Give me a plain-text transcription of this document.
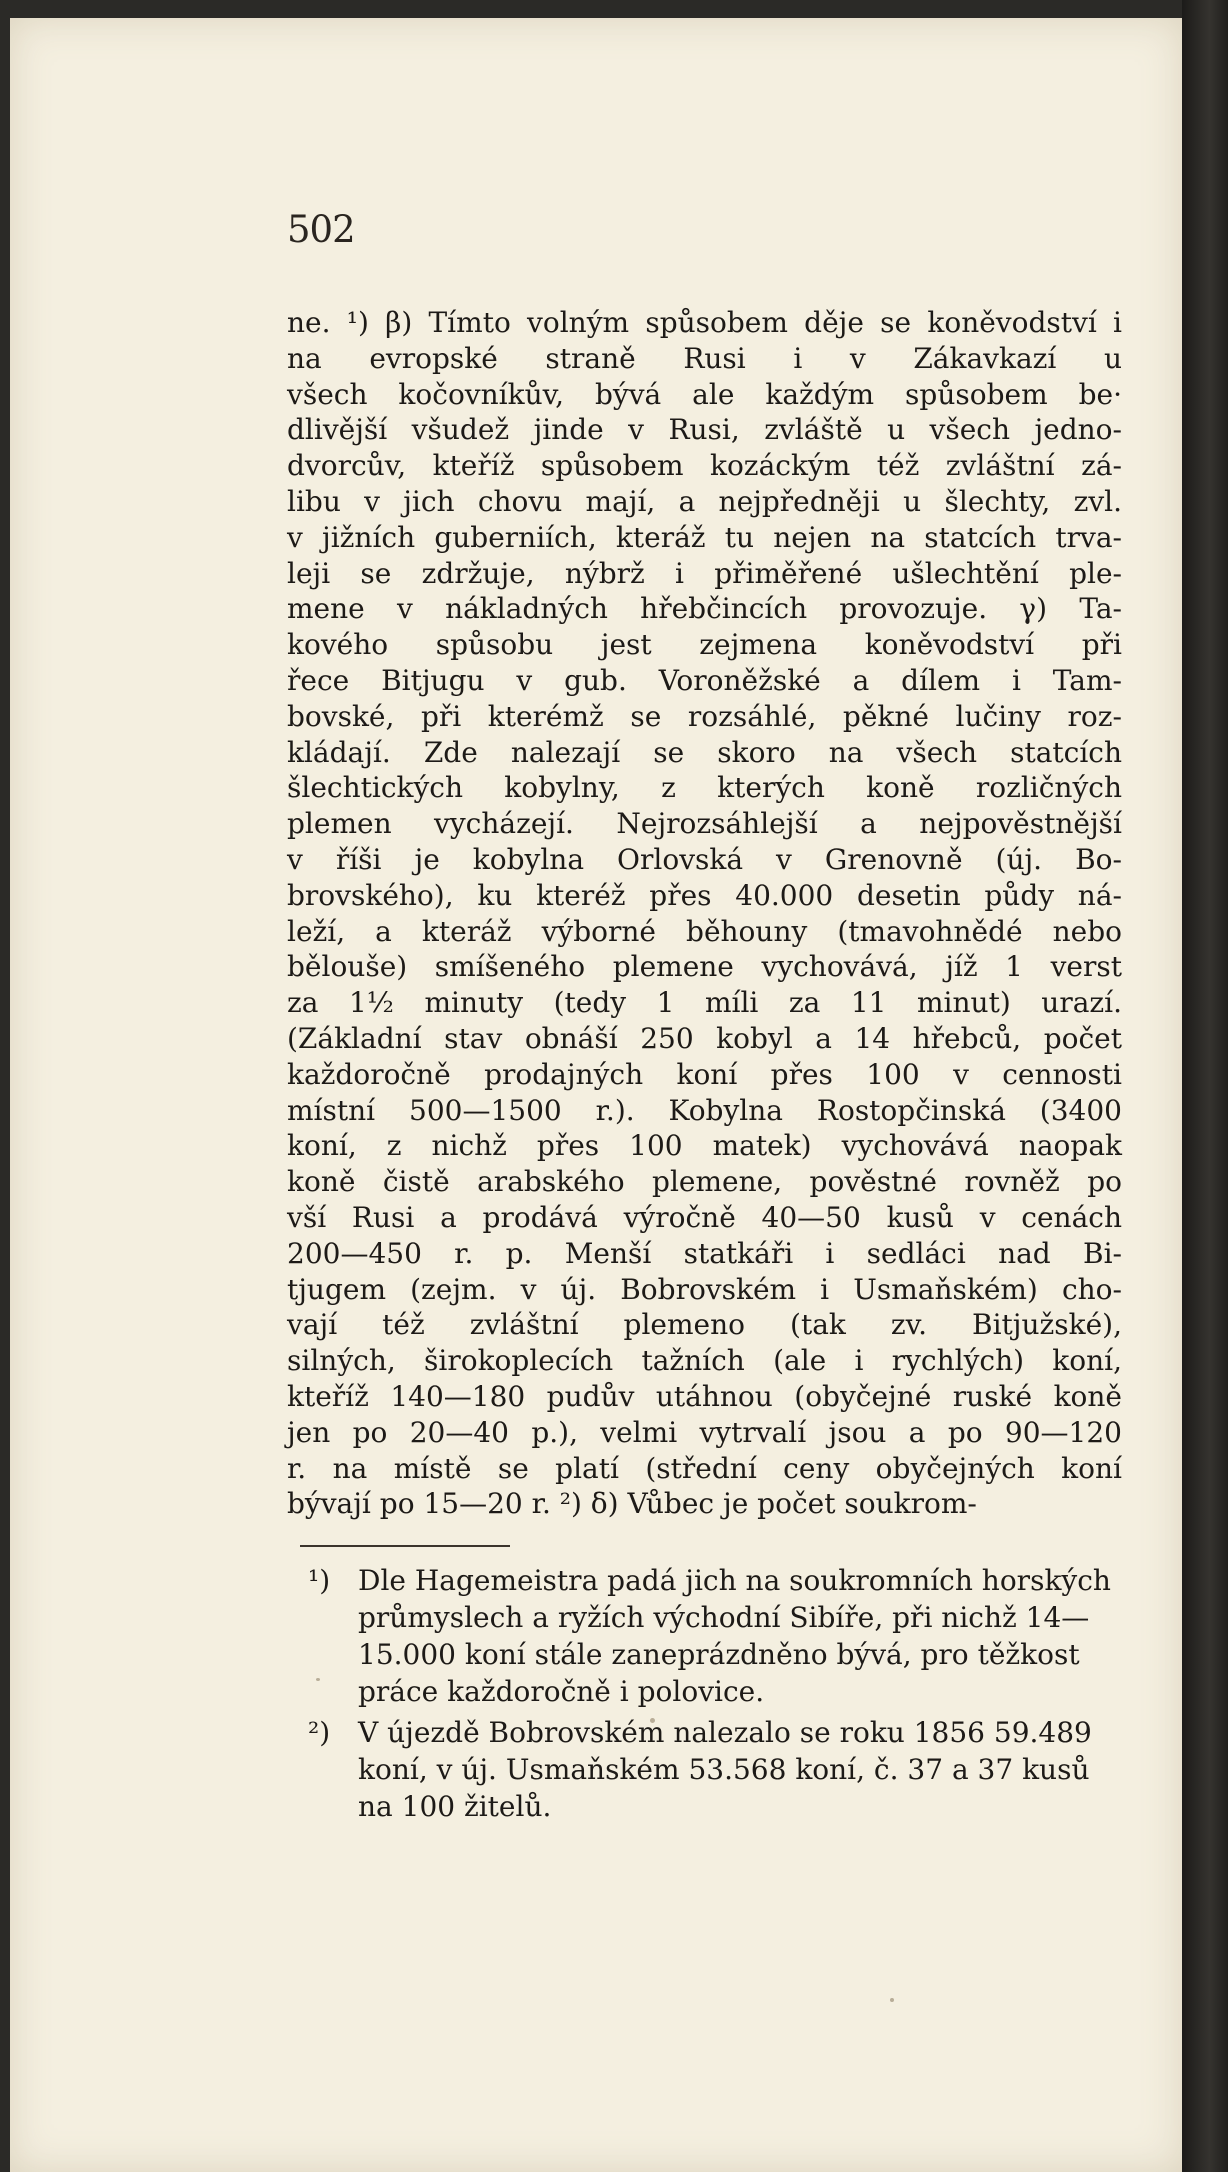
502
ne. ¹) β) Tímto volným spůsobem děje se koněvodství i
na evropské straně Rusi i v Zákavkazí u
všech kočovníkův, bývá ale každým spůsobem be·
dlivější všudež jinde v Rusi, zvláště u všech jedno-
dvorcův, kteříž spůsobem kozáckým též zvláštní zá-
libu v jich chovu mají, a nejpředněji u šlechty, zvl.
v jižních guberniích, kteráž tu nejen na statcích trva-
leji se zdržuje, nýbrž i přiměřené ušlechtění ple-
mene v nákladných hřebčincích provozuje. γ) Ta-
kového spůsobu jest zejmena koněvodství při
řece Bitjugu v gub. Voroněžské a dílem i Tam-
bovské, při kterémž se rozsáhlé, pěkné lučiny roz-
kládají. Zde nalezají se skoro na všech statcích
šlechtických kobylny, z kterých koně rozličných
plemen vycházejí. Nejrozsáhlejší a nejpověstnější
v říši je kobylna Orlovská v Grenovně (új. Bo-
brovského), ku kteréž přes 40.000 desetin půdy ná-
leží, a kteráž výborné běhouny (tmavohnědé nebo
bělouše) smíšeného plemene vychovává, jíž 1 verst
za 1½ minuty (tedy 1 míli za 11 minut) urazí.
(Základní stav obnáší 250 kobyl a 14 hřebců, počet
každoročně prodajných koní přes 100 v cennosti
místní 500—1500 r.). Kobylna Rostopčinská (3400
koní, z nichž přes 100 matek) vychovává naopak
koně čistě arabského plemene, pověstné rovněž po
vší Rusi a prodává výročně 40—50 kusů v cenách
200—450 r. p. Menší statkáři i sedláci nad Bi-
tjugem (zejm. v új. Bobrovském i Usmaňském) cho-
vají též zvláštní plemeno (tak zv. Bitjužské),
silných, širokoplecích tažních (ale i rychlých) koní,
kteříž 140—180 pudův utáhnou (obyčejné ruské koně
jen po 20—40 p.), velmi vytrvalí jsou a po 90—120
r. na místě se platí (střední ceny obyčejných koní
bývají po 15—20 r. ²) δ) Vůbec je počet soukrom-
¹) Dle Hagemeistra padá jich na soukromních horských průmyslech a ryžích východní Sibíře, při nichž 14—15.000 koní stále zaneprázdněno bývá, pro těžkost práce každoročně i polovice.
²) V újezdě Bobrovském nalezalo se roku 1856 59.489 koní, v új. Usmaňském 53.568 koní, č. 37 a 37 kusů na 100 žitelů.
